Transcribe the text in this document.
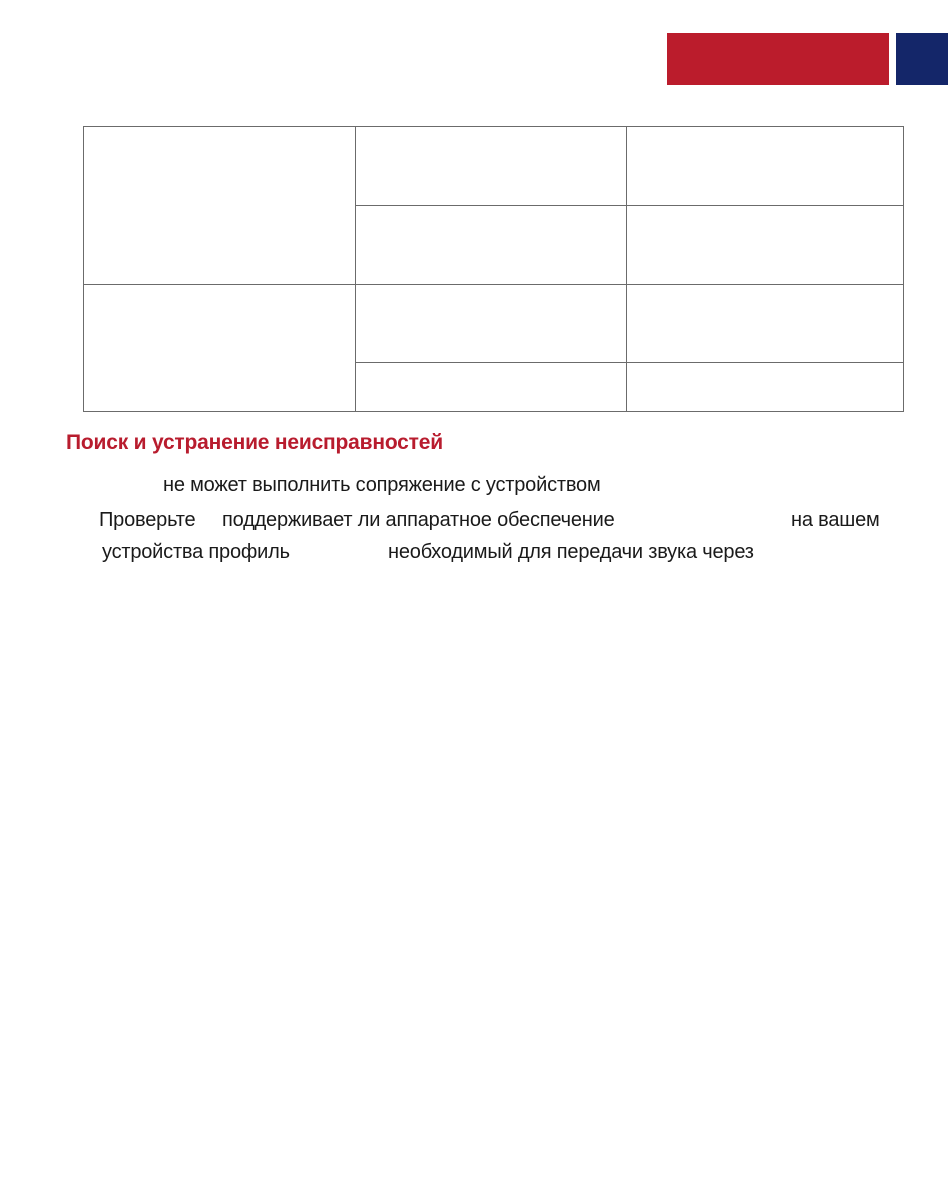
Поиск и устранение неисправностей
не может выполнить сопряжение с устройством
Проверьте поддерживает ли аппаратное обеспечение	на вашем
устройства профиль	необходимый для передачи звука через
